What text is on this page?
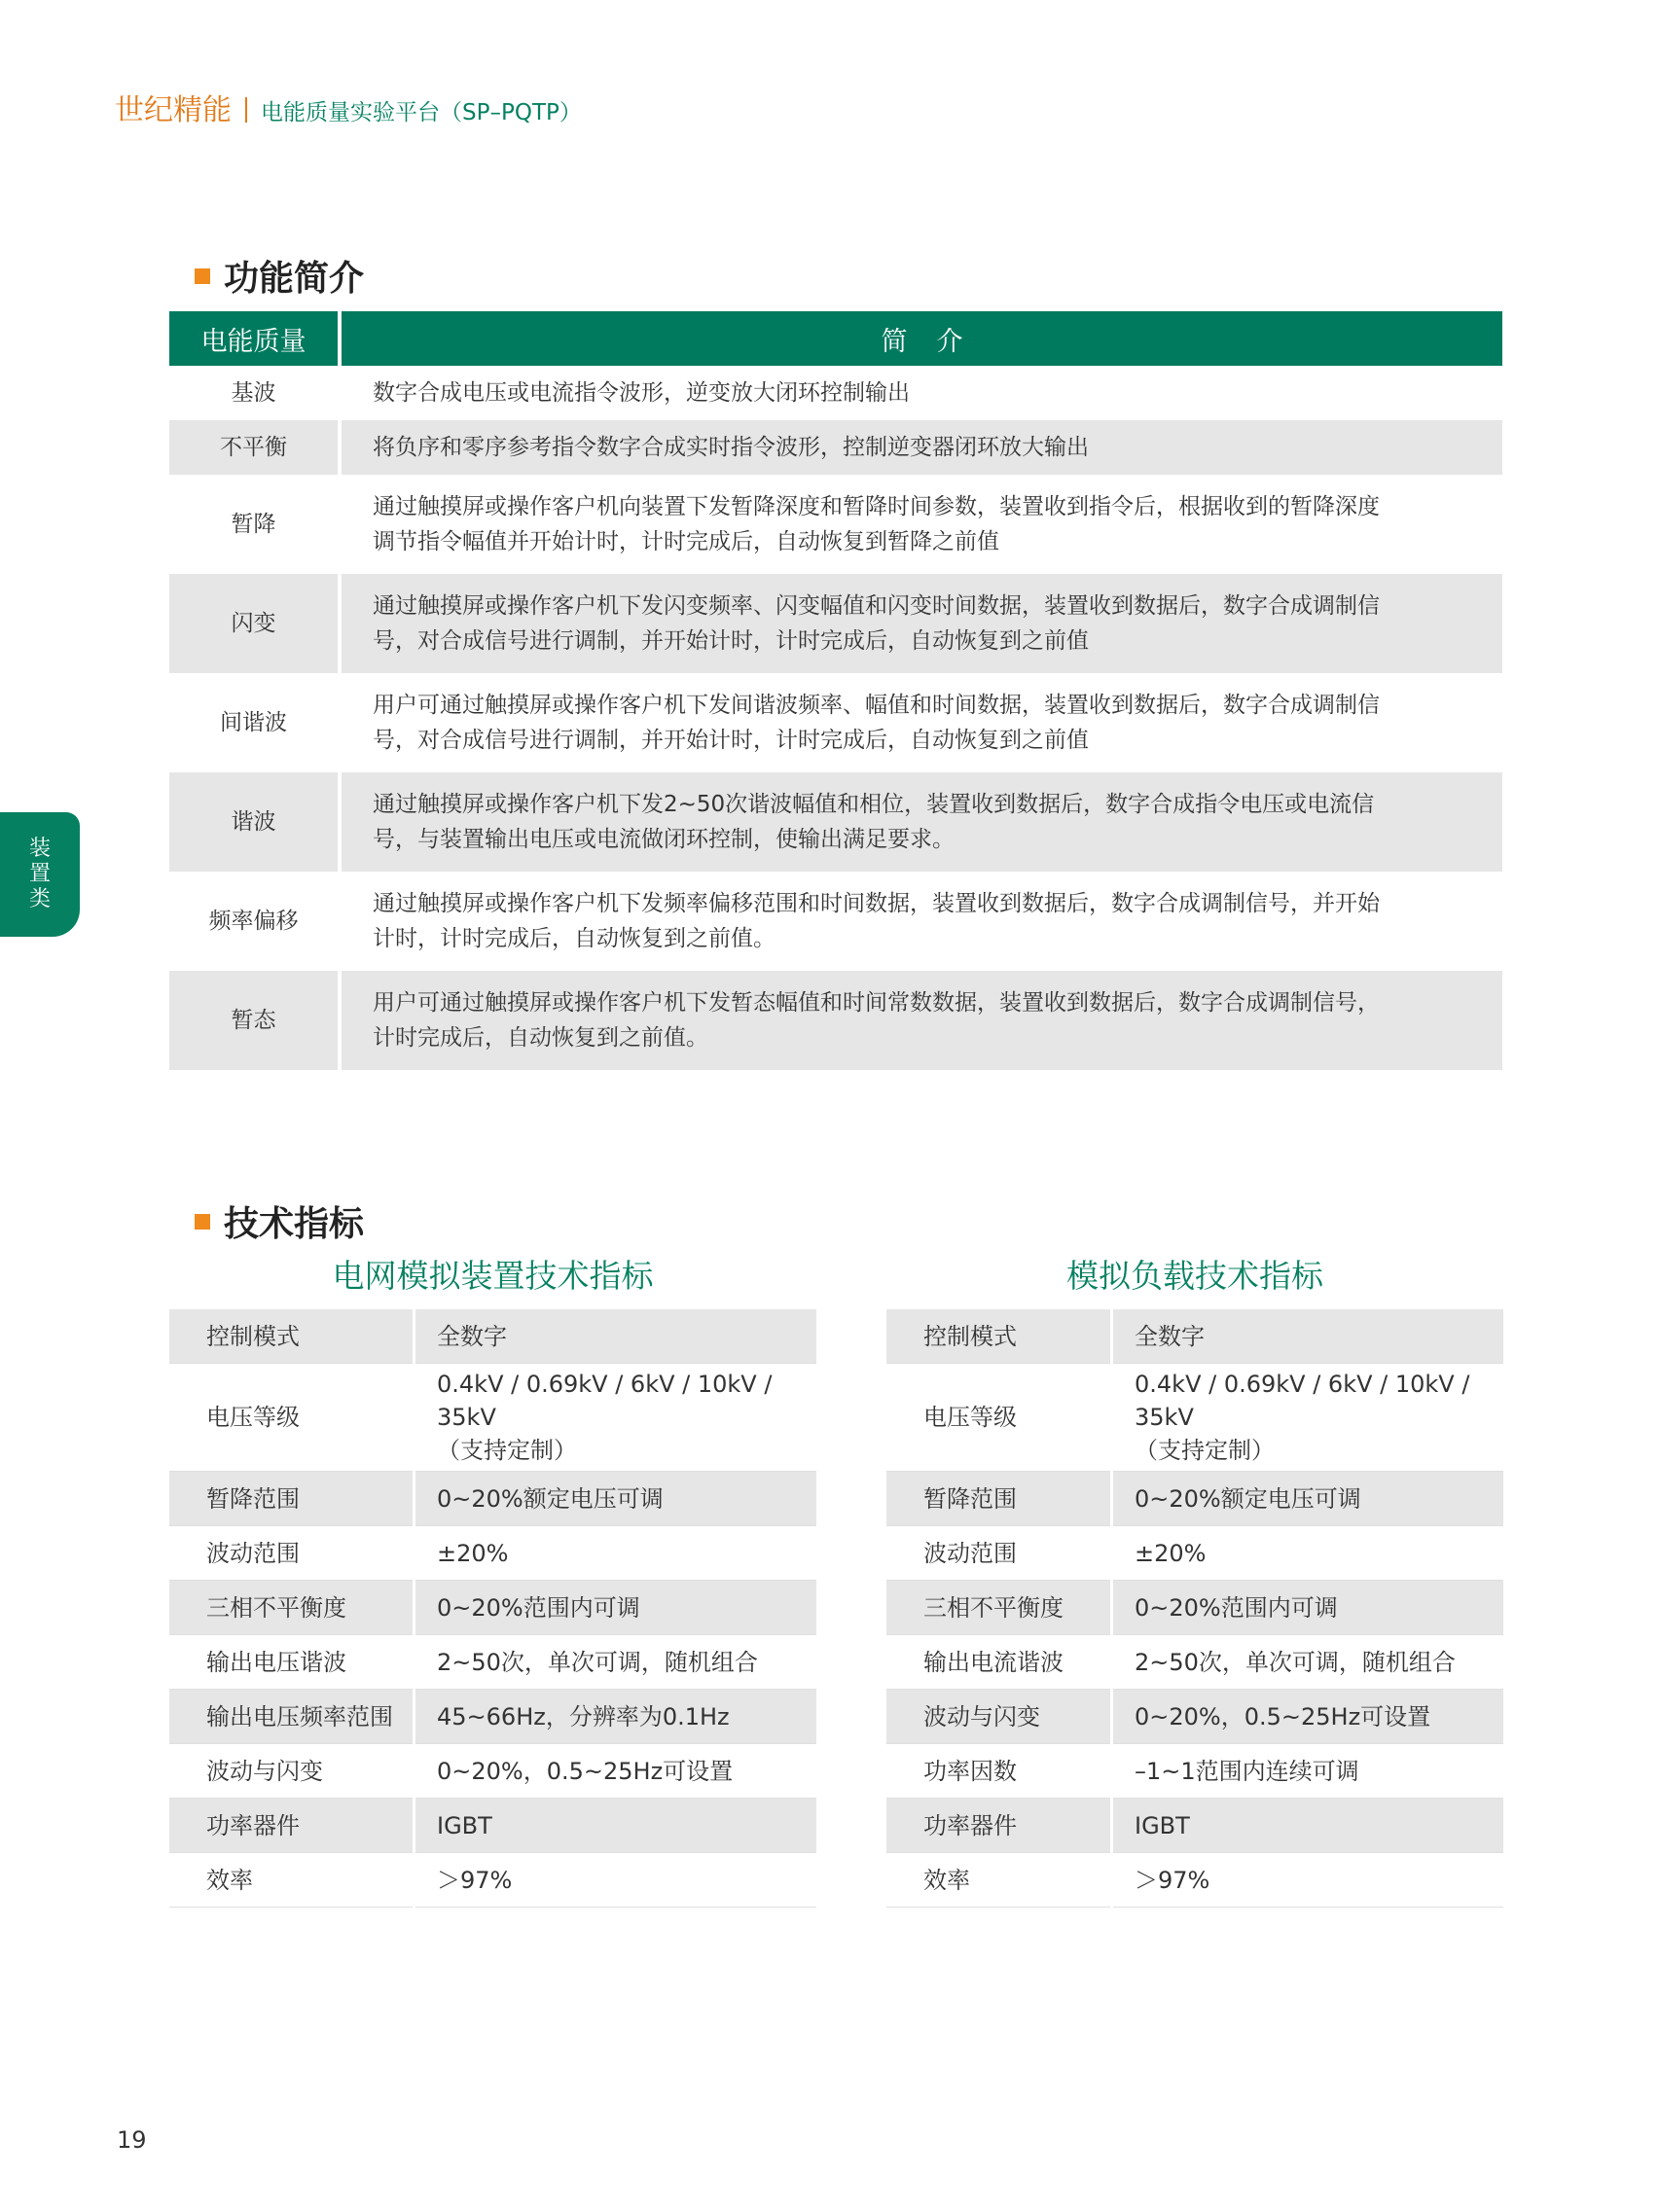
世纪精能 电能质量实验平台（SP–PQTP）
功能简介
电能质量	简介
基波	数字合成电压或电流指令波形，逆变放大闭环控制输出

不平衡	将负序和零序参考指令数字合成实时指令波形，控制逆变器闭环放大输出

暂降	通过触摸屏或操作客户机向装置下发暂降深度和暂降时间参数，装置收到指令后，根据收到的暂降深度
调节指令幅值并开始计时，计时完成后，自动恢复到暂降之前值

闪变	通过触摸屏或操作客户机下发闪变频率、闪变幅值和闪变时间数据，装置收到数据后，数字合成调制信
号，对合成信号进行调制，并开始计时，计时完成后，自动恢复到之前值

间谐波	用户可通过触摸屏或操作客户机下发间谐波频率、幅值和时间数据，装置收到数据后，数字合成调制信
号，对合成信号进行调制，并开始计时，计时完成后，自动恢复到之前值

谐波	通过触摸屏或操作客户机下发2~50次谐波幅值和相位，装置收到数据后，数字合成指令电压或电流信
号，与装置输出电压或电流做闭环控制，使输出满足要求。

频率偏移	通过触摸屏或操作客户机下发频率偏移范围和时间数据，装置收到数据后，数字合成调制信号，并开始
计时，计时完成后，自动恢复到之前值。

暂态	用户可通过触摸屏或操作客户机下发暂态幅值和时间常数数据，装置收到数据后，数字合成调制信号，
计时完成后，自动恢复到之前值。
技术指标
电网模拟装置技术指标	模拟负载技术指标
控制模式	全数字

电压等级	0.4kV / 0.69kV / 6kV / 10kV / 35kV
（支持定制）

暂降范围	0~20%额定电压可调

波动范围	±20%

三相不平衡度	0~20%范围内可调

输出电压谐波	2~50次，单次可调，随机组合

输出电压频率范围	45~66Hz，分辨率为0.1Hz

波动与闪变	0~20%，0.5~25Hz可设置

功率器件	IGBT

效率	＞97%
控制模式	全数字

电压等级	0.4kV / 0.69kV / 6kV / 10kV / 35kV
（支持定制）

暂降范围	0~20%额定电压可调

波动范围	±20%

三相不平衡度	0~20%范围内可调

输出电流谐波	2~50次，单次可调，随机组合

波动与闪变	0~20%，0.5~25Hz可设置

功率因数	–1~1范围内连续可调

功率器件	IGBT

效率	＞97%
装
置
类
19
